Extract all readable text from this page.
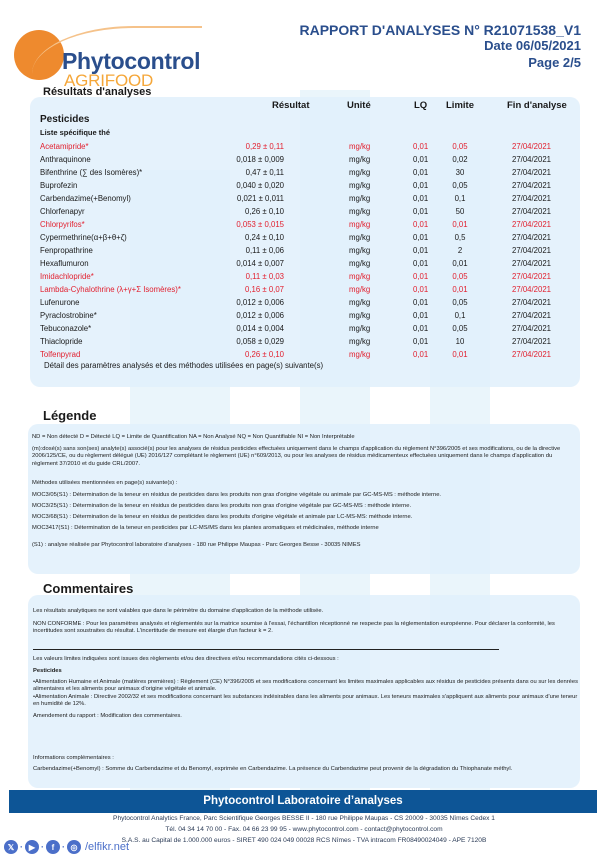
Phytocontrol
AGRIFOOD
RAPPORT D'ANALYSES N° R21071538_V1
Date 06/05/2021
Page 2/5
Résultats d'analyses
Résultat	Unité	LQ Limite	Fin d'analyse
Pesticides
Liste spécifique thé
Acetamipride*	0,29 ± 0,11	mg/kg	0,01	0,05	27/04/2021
Anthraquinone	0,018 ± 0,009	mg/kg	0,01	0,02	27/04/2021
Bifenthrine (∑ des Isomères)*	0,47 ± 0,11	mg/kg	0,01	30	27/04/2021
Buprofezin	0,040 ± 0,020	mg/kg	0,01	0,05	27/04/2021
Carbendazime(+Benomyl)	0,021 ± 0,011	mg/kg	0,01	0,1	27/04/2021
Chlorfenapyr	0,26 ± 0,10	mg/kg	0,01	50	27/04/2021
Chlorpyrifos*	0,053 ± 0,015	mg/kg	0,01	0,01	27/04/2021
Cypermethrine(α+β+θ+ζ)	0,24 ± 0,10	mg/kg	0,01	0,5	27/04/2021
Fenpropathrine	0,11 ± 0,06	mg/kg	0,01	2	27/04/2021
Hexaflumuron	0,014 ± 0,007	mg/kg	0,01	0,01	27/04/2021
Imidachlopride*	0,11 ± 0,03	mg/kg	0,01	0,05	27/04/2021
Lambda-Cyhalothrine (λ+γ+Σ Isomères)*	0,16 ± 0,07	mg/kg	0,01	0,01	27/04/2021
Lufenurone	0,012 ± 0,006	mg/kg	0,01	0,05	27/04/2021
Pyraclostrobine*	0,012 ± 0,006	mg/kg	0,01	0,1	27/04/2021
Tebuconazole*	0,014 ± 0,004	mg/kg	0,01	0,05	27/04/2021
Thiaclopride	0,058 ± 0,029	mg/kg	0,01	10	27/04/2021
Tolfenpyrad	0,26 ± 0,10	mg/kg	0,01	0,01	27/04/2021
Détail des paramètres analysés et des méthodes utilisées en page(s) suivante(s)
Légende
ND = Non détecté D = Détecté LQ = Limite de Quantification NA = Non Analysé NQ = Non Quantifiable NI = Non Interprétable
(m):dosé(s) sans son(ses) analyte(s) associé(s) pour les analyses de résidus pesticides effectuées uniquement dans le champs d'application du règlement N°396/2005 et ses modifications, ou de la directive 2006/125/CE, ou du règlement délégué (UE) 2016/127 complétant le règlement (UE) n°609/2013, ou pour les analyses de résidus médicamenteux effectuées uniquement dans le champs d'application du règlement 37/2010 et du guide CRL/2007.
Méthodes utilisées mentionnées en page(s) suivante(s) :
MOC3/05(S1) : Détermination de la teneur en résidus de pesticides dans les produits non gras d'origine végétale ou animale par GC-MS-MS : méthode interne.
MOC3/25(S1) : Détermination de la teneur en résidus de pesticides dans les produits non gras d'origine végétale par GC-MS-MS : méthode interne.
MOC3/68(S1) : Détermination de la teneur en résidus de pesticides dans les produits d'origine végétale et animale par LC-MS-MS: méthode interne.
MOC3417(S1) : Détermination de la teneur en pesticides par LC-MS/MS dans les plantes aromatiques et médicinales, méthode interne
(S1) : analyse réalisée par Phytocontrol laboratoire d'analyses - 180 rue Philippe Maupas - Parc Georges Besse - 30035 NIMES
Commentaires
Les résultats analytiques ne sont valables que dans le périmètre du domaine d'application de la méthode utilisée.
NON CONFORME : Pour les paramètres analysés et réglementés sur la matrice soumise à l'essai, l'échantillon réceptionné ne respecte pas la réglementation européenne. Pour déclarer la conformité, les incertitudes sont soustraites du résultat. L'incertitude de mesure est élargie d'un facteur k = 2.
Les valeurs limites indiquées sont issues des règlements et/ou des directives et/ou recommandations cités ci-dessous :
Pesticides
•Alimentation Humaine et Animale (matières premières) : Règlement (CE) N°396/2005 et ses modifications concernant les limites maximales applicables aux résidus de pesticides présents dans ou sur les denrées alimentaires et les aliments pour animaux d'origine végétale et animale.
•Alimentation Animale : Directive 2002/32 et ses modifications concernant les substances indésirables dans les aliments pour animaux. Les teneurs maximales s'appliquent aux aliments pour animaux d'une teneur en humidité de 12%.
Amendement du rapport : Modification des commentaires.
Informations complémentaires :
Carbendazime(+Benomyl) : Somme du Carbendazime et du Benomyl, exprimée en Carbendazime. La présence du Carbendazime peut provenir de la dégradation du Thiophanate méthyl.
Phytocontrol Laboratoire d’analyses
Phytocontrol Analytics France, Parc Scientifique Georges BESSE II - 180 rue Philippe Maupas - CS 20009 - 30035 Nîmes Cedex 1
Tél. 04 34 14 70 00 - Fax. 04 66 23 99 95 - www.phytocontrol.com - contact@phytocontrol.com
S.A.S. au Capital de 1.000.000 euros - SIRET 490 024 049 00028 RCS Nîmes - TVA intracom FR08490024049 - APE 7120B
𝕏 · ▶ · f · ◎ /elfikr.net
